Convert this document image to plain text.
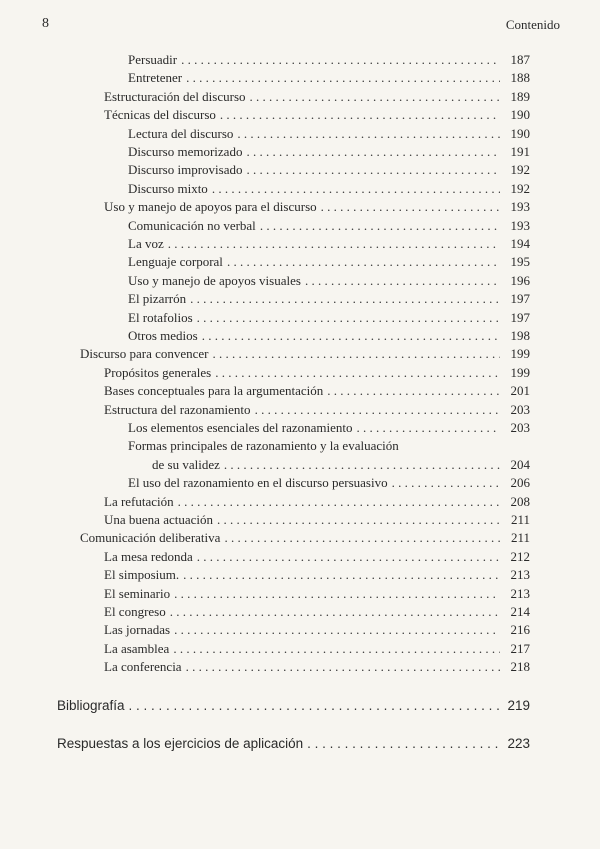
8	Contenido
Persuadir . . .	187
Entretener . . .	188
Estructuración del discurso . . .	189
Técnicas del discurso . . .	190
Lectura del discurso . . .	190
Discurso memorizado . . .	191
Discurso improvisado . . .	192
Discurso mixto . . .	192
Uso y manejo de apoyos para el discurso . . .	193
Comunicación no verbal . . .	193
La voz . . .	194
Lenguaje corporal . . .	195
Uso y manejo de apoyos visuales . . .	196
El pizarrón . . .	197
El rotafolios . . .	197
Otros medios . . .	198
Discurso para convencer . . .	199
Propósitos generales . . .	199
Bases conceptuales para la argumentación . . .	201
Estructura del razonamiento . . .	203
Los elementos esenciales del razonamiento . . .	203
Formas principales de razonamiento y la evaluación
de su validez . . .	204
El uso del razonamiento en el discurso persuasivo . . .	206
La refutación . . .	208
Una buena actuación . . .	211
Comunicación deliberativa . . .	211
La mesa redonda . . .	212
El simposium. . . .	213
El seminario . . .	213
El congreso . . .	214
Las jornadas . . .	216
La asamblea . . .	217
La conferencia . . .	218
Bibliografía . . .	219
Respuestas a los ejercicios de aplicación . . .	223
